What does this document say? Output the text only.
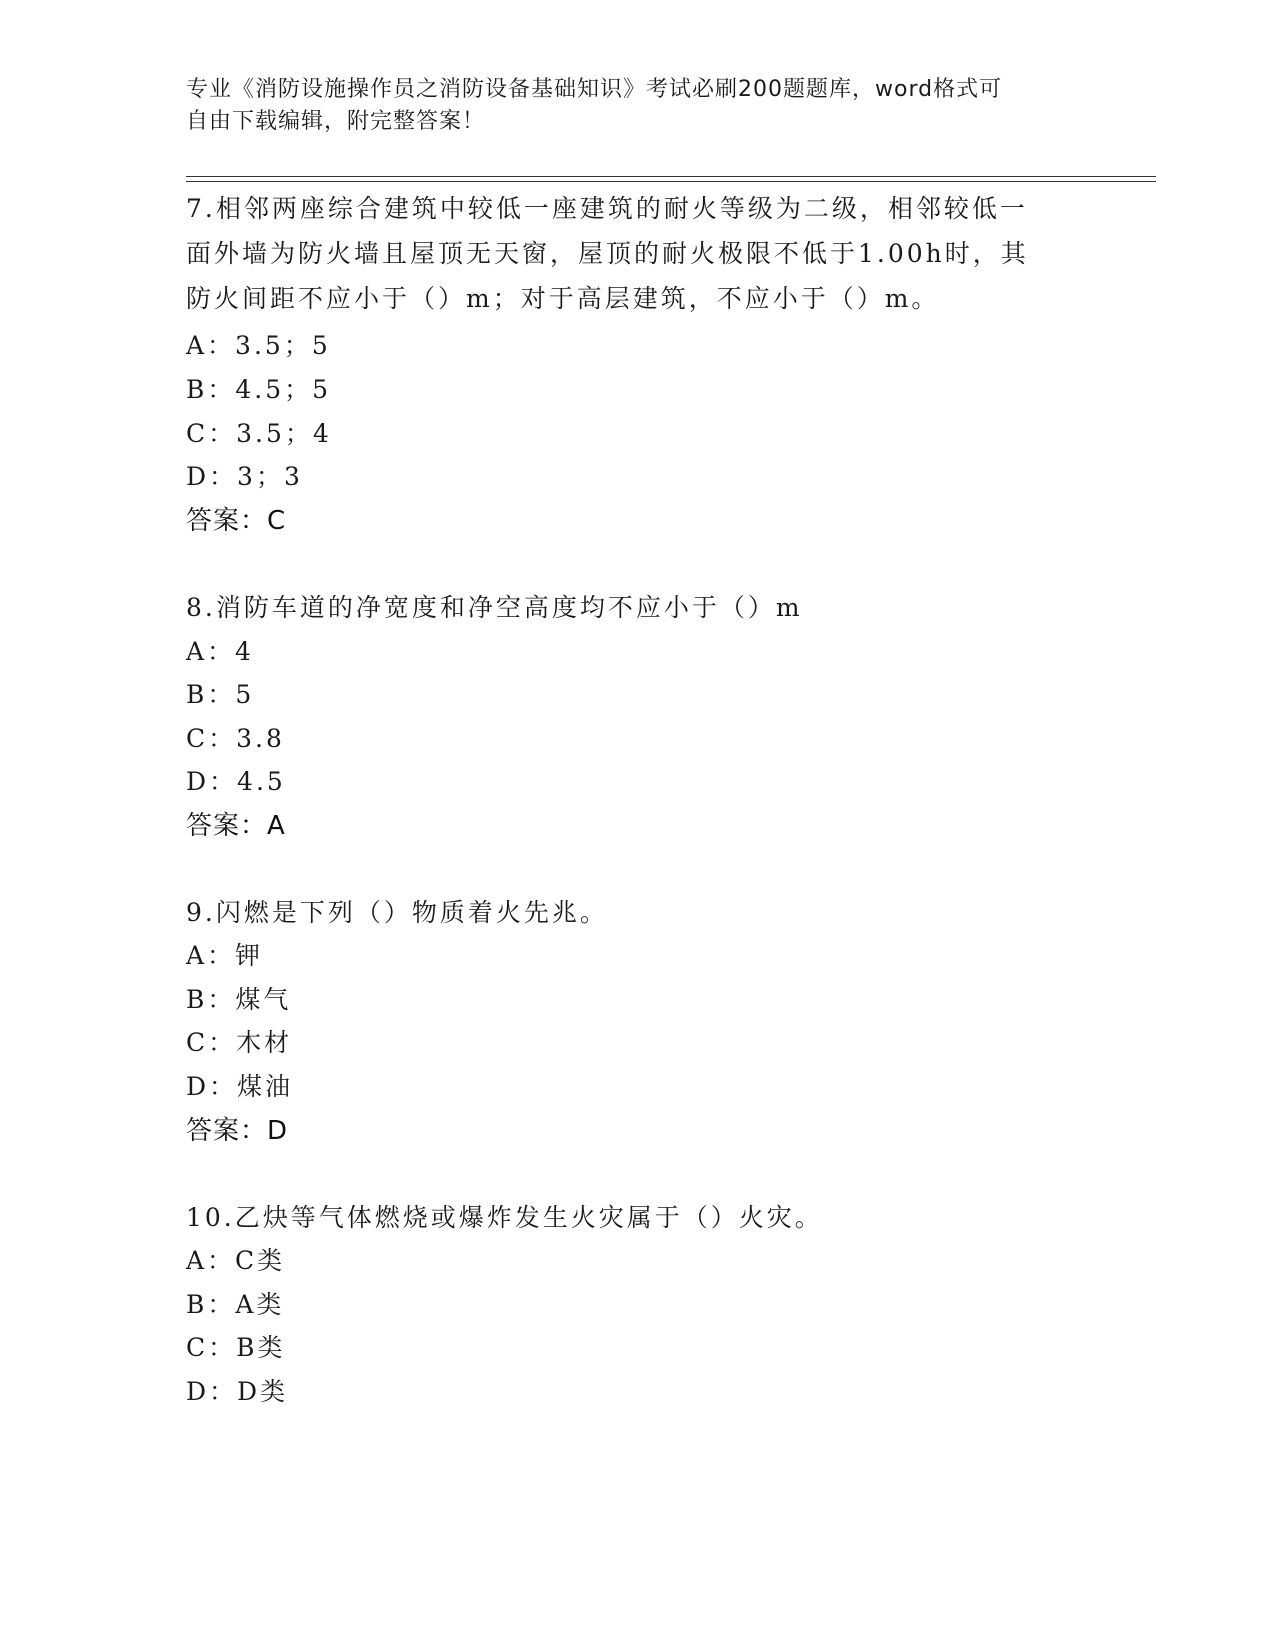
专业《消防设施操作员之消防设备基础知识》考试必刷200题题库，word格式可
自由下载编辑，附完整答案！
7.相邻两座综合建筑中较低一座建筑的耐火等级为二级，相邻较低一
面外墙为防火墙且屋顶无天窗，屋顶的耐火极限不低于1.00h时，其
防火间距不应小于（）m；对于高层建筑，不应小于（）m。
A：3.5；5
B：4.5；5
C：3.5；4
D：3；3
答案：C
8.消防车道的净宽度和净空高度均不应小于（）m
A：4
B：5
C：3.8
D：4.5
答案：A
9.闪燃是下列（）物质着火先兆。
A：钾
B：煤气
C：木材
D：煤油
答案：D
10.乙炔等气体燃烧或爆炸发生火灾属于（）火灾。
A：C类
B：A类
C：B类
D：D类
